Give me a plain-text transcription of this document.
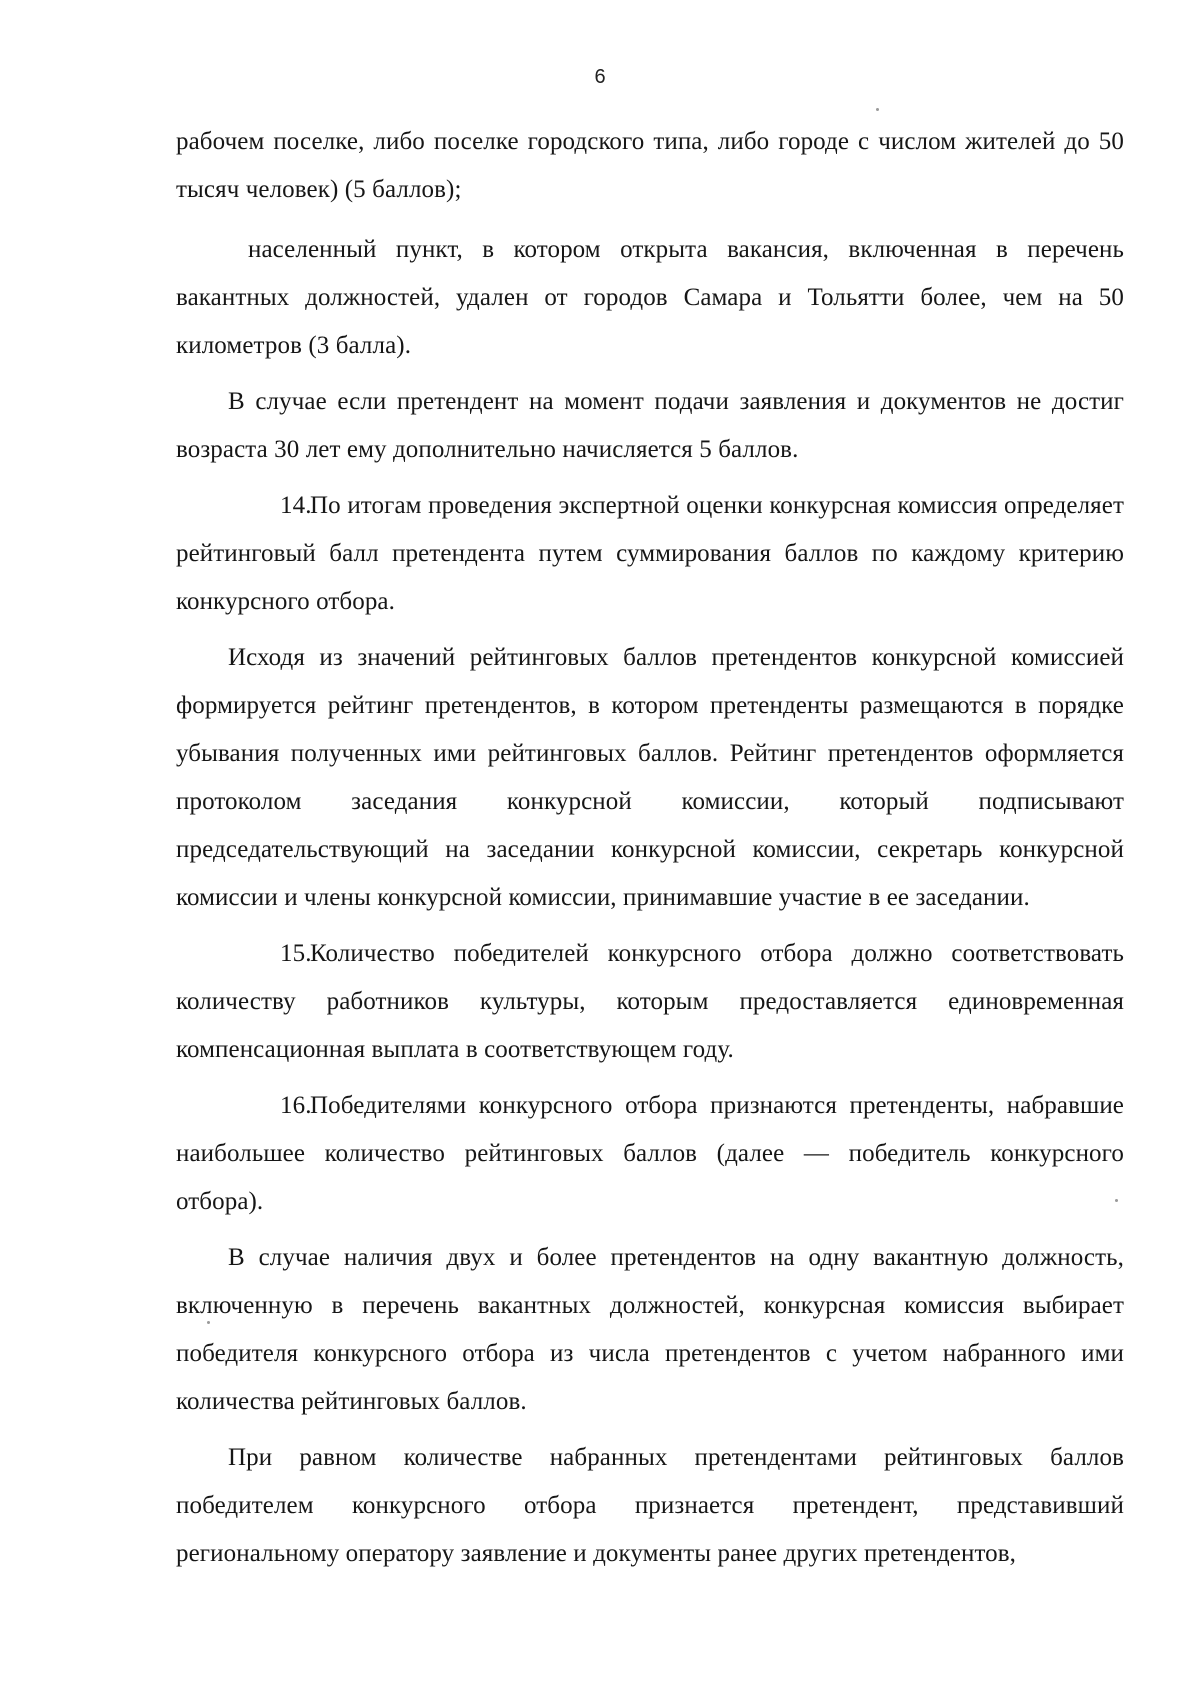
6

рабочем поселке, либо поселке городского типа, либо городе с числом жителей до 50 тысяч человек) (5 баллов);

населенный пункт, в котором открыта вакансия, включенная в перечень вакантных должностей, удален от городов Самара и Тольятти более, чем на 50 километров (3 балла).

В случае если претендент на момент подачи заявления и документов не достиг возраста 30 лет ему дополнительно начисляется 5 баллов.

14.По итогам проведения экспертной оценки конкурсная комиссия определяет рейтинговый балл претендента путем суммирования баллов по каждому критерию конкурсного отбора.

Исходя из значений рейтинговых баллов претендентов конкурсной комиссией формируется рейтинг претендентов, в котором претенденты размещаются в порядке убывания полученных ими рейтинговых баллов. Рейтинг претендентов оформляется протоколом заседания конкурсной комиссии, который подписывают председательствующий на заседании конкурсной комиссии, секретарь конкурсной комиссии и члены конкурсной комиссии, принимавшие участие в ее заседании.

15.Количество победителей конкурсного отбора должно соответствовать количеству работников культуры, которым предоставляется единовременная компенсационная выплата в соответствующем году.

16.Победителями конкурсного отбора признаются претенденты, набравшие наибольшее количество рейтинговых баллов (далее — победитель конкурсного отбора).

В случае наличия двух и более претендентов на одну вакантную должность, включенную в перечень вакантных должностей, конкурсная комиссия выбирает победителя конкурсного отбора из числа претендентов с учетом набранного ими количества рейтинговых баллов.

При равном количестве набранных претендентами рейтинговых баллов победителем конкурсного отбора признается претендент, представивший региональному оператору заявление и документы ранее других претендентов,
